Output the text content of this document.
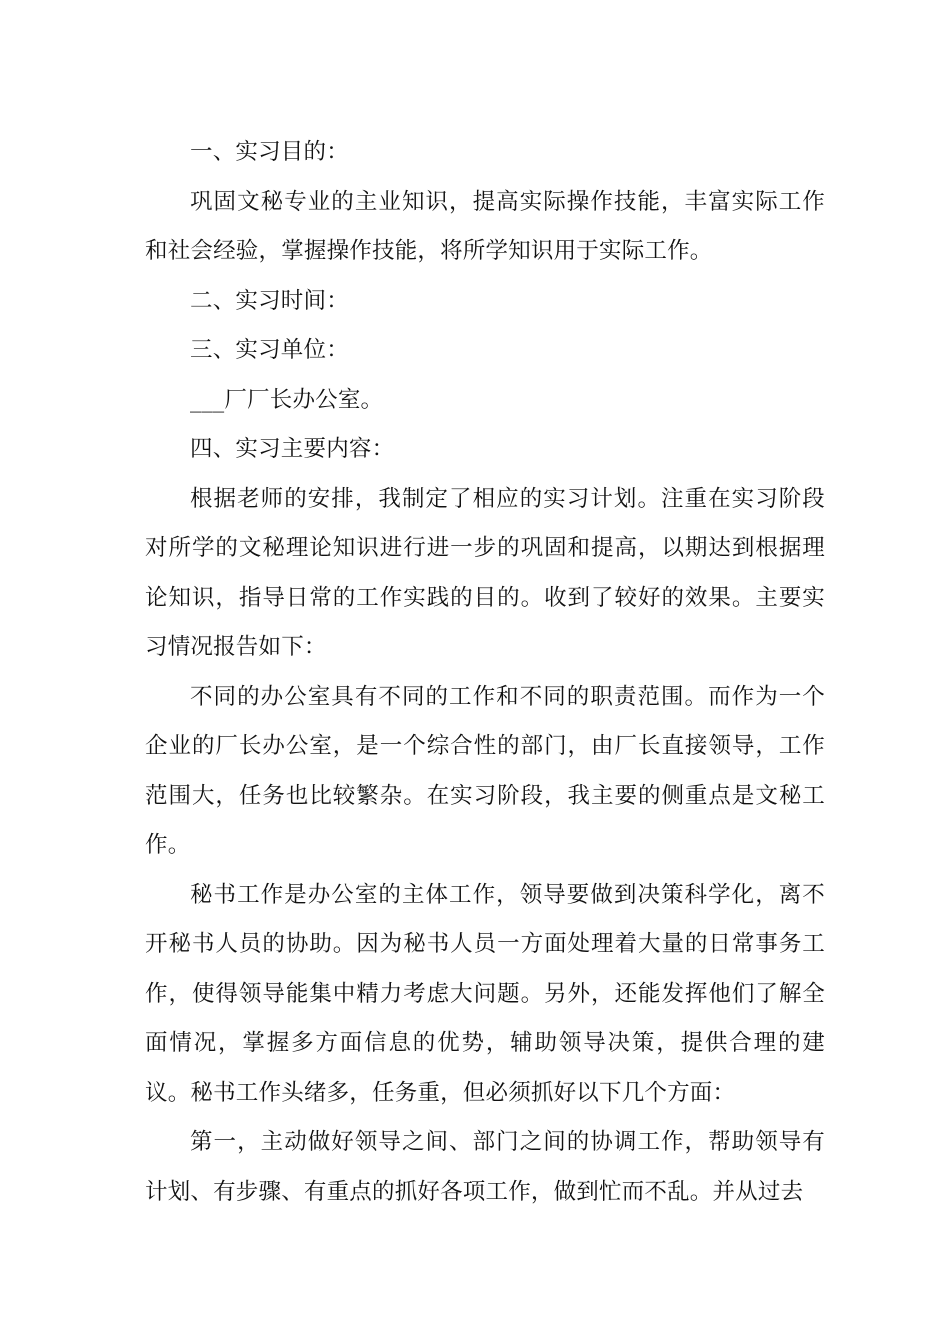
一、实习目的：

巩固文秘专业的主业知识，提高实际操作技能，丰富实际工作和社会经验，掌握操作技能，将所学知识用于实际工作。

二、实习时间：

三、实习单位：

___厂厂长办公室。

四、实习主要内容：

根据老师的安排，我制定了相应的实习计划。注重在实习阶段对所学的文秘理论知识进行进一步的巩固和提高，以期达到根据理论知识，指导日常的工作实践的目的。收到了较好的效果。主要实习情况报告如下：

不同的办公室具有不同的工作和不同的职责范围。而作为一个企业的厂长办公室，是一个综合性的部门，由厂长直接领导，工作范围大，任务也比较繁杂。在实习阶段，我主要的侧重点是文秘工作。

秘书工作是办公室的主体工作，领导要做到决策科学化，离不开秘书人员的协助。因为秘书人员一方面处理着大量的日常事务工作，使得领导能集中精力考虑大问题。另外，还能发挥他们了解全面情况，掌握多方面信息的优势，辅助领导决策，提供合理的建议。秘书工作头绪多，任务重，但必须抓好以下几个方面：

第一，主动做好领导之间、部门之间的协调工作，帮助领导有计划、有步骤、有重点的抓好各项工作，做到忙而不乱。并从过去
